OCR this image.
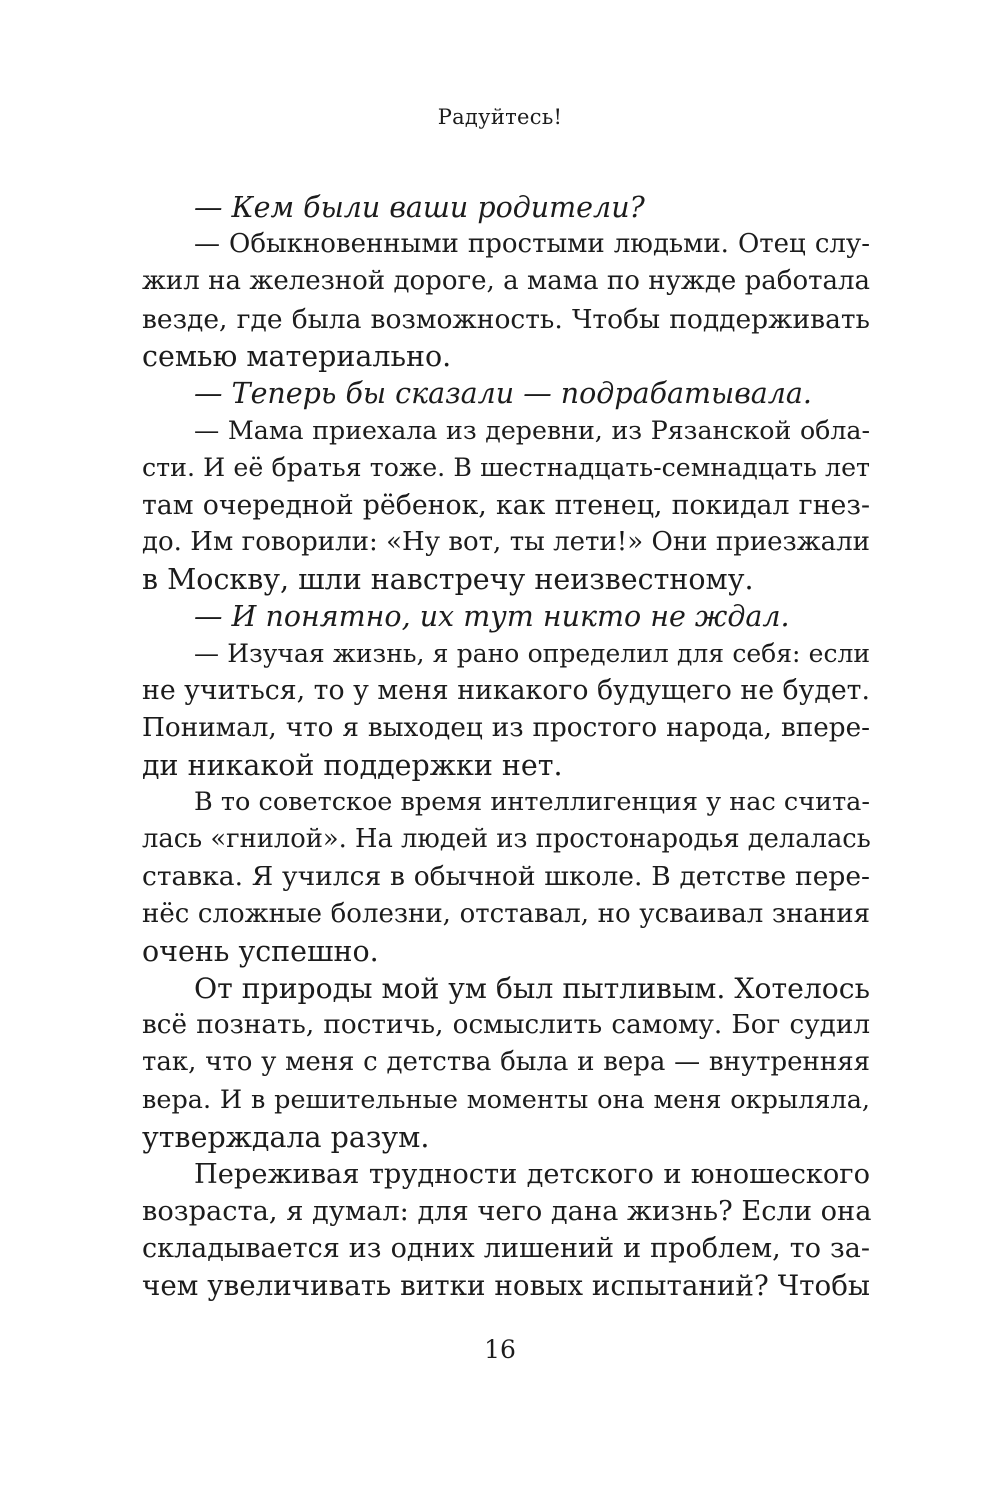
Радуйтесь!
— Кем были ваши родители?
— Обыкновенными простыми людьми. Отец слу-
жил на железной дороге, а мама по нужде работала
везде, где была возможность. Чтобы поддерживать
семью материально.
— Теперь бы сказали — подрабатывала.
— Мама приехала из деревни, из Рязанской обла-
сти. И её братья тоже. В шестнадцать-семнадцать лет
там очередной рёбенок, как птенец, покидал гнез-
до. Им говорили: «Ну вот, ты лети!» Они приезжали
в Москву, шли навстречу неизвестному.
— И понятно, их тут никто не ждал.
— Изучая жизнь, я рано определил для себя: если
не учиться, то у меня никакого будущего не будет.
Понимал, что я выходец из простого народа, впере-
ди никакой поддержки нет.
В то советское время интеллигенция у нас счита-
лась «гнилой». На людей из простонародья делалась
ставка. Я учился в обычной школе. В детстве пере-
нёс сложные болезни, отставал, но усваивал знания
очень успешно.
От природы мой ум был пытливым. Хотелось
всё познать, постичь, осмыслить самому. Бог судил
так, что у меня с детства была и вера — внутренняя
вера. И в решительные моменты она меня окрыляла,
утверждала разум.
Переживая трудности детского и юношеского
возраста, я думал: для чего дана жизнь? Если она
складывается из одних лишений и проблем, то за-
чем увеличивать витки новых испытаний? Чтобы
16
